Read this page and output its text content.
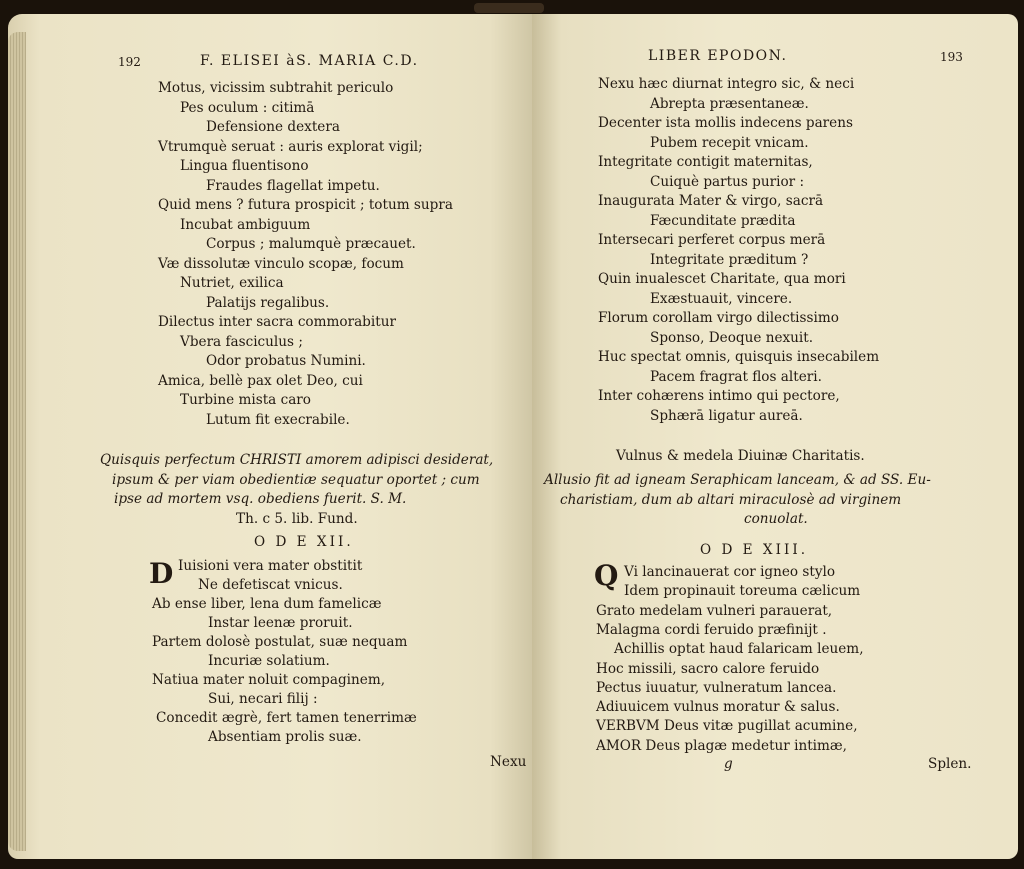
192	F. ELISEI àS. MARIA C.D.
Motus, vicissim subtrahit periculo
Pes oculum : citimā
Defensione dextera
Vtrumquè seruat : auris explorat vigil;
Lingua fluentisono
Fraudes flagellat impetu.
Quid mens ? futura prospicit ; totum supra
Incubat ambiguum
Corpus ; malumquè præcauet.
Væ dissolutæ vinculo scopæ, focum
Nutriet, exilica
Palatijs regalibus.
Dilectus inter sacra commorabitur
Vbera fasciculus ;
Odor probatus Numini.
Amica, bellè pax olet Deo, cui
Turbine mista caro
Lutum fit execrabile.
Quisquis perfectum CHRISTI amorem adipisci desiderat,
ipsum & per viam obedientiæ sequatur oportet ; cum
ipse ad mortem vsq. obediens fuerit. S. M.
Th. c 5. lib. Fund.
O D E XII.
D Iuisioni vera mater obstitit
Ne defetiscat vnicus.
Ab ense liber, lena dum famelicæ
Instar leenæ proruit.
Partem dolosè postulat, suæ nequam
Incuriæ solatium.
Natiua mater noluit compaginem,
Sui, necari filij :
Concedit ægrè, fert tamen tenerrimæ
Absentiam prolis suæ.
Nexu
LIBER EPODON.	193
Nexu hæc diurnat integro sic, & neci
Abrepta præsentaneæ.
Decenter ista mollis indecens parens
Pubem recepit vnicam.
Integritate contigit maternitas,
Cuiquè partus purior :
Inaugurata Mater & virgo, sacrā
Fæcunditate prædita
Intersecari perferet corpus merā
Integritate præditum ?
Quin inualescet Charitate, qua mori
Exæstuauit, vincere.
Florum corollam virgo dilectissimo
Sponso, Deoque nexuit.
Huc spectat omnis, quisquis insecabilem
Pacem fragrat flos alteri.
Inter cohærens intimo qui pectore,
Sphærā ligatur aureā.
Vulnus & medela Diuinæ Charitatis.
Allusio fit ad igneam Seraphicam lanceam, & ad SS. Eu-
charistiam, dum ab altari miraculosè ad virginem
conuolat.
O D E XIII.
Q Vi lancinauerat cor igneo stylo
Idem propinauit toreuma cælicum
Grato medelam vulneri parauerat,
Malagma cordi feruido præfinijt .
Achillis optat haud falaricam leuem,
Hoc missili, sacro calore feruido
Pectus iuuatur, vulneratum lancea.
Adiuuicem vulnus moratur & salus.
VERBVM Deus vitæ pugillat acumine,
AMOR Deus plagæ medetur intimæ,
g	Splen.
